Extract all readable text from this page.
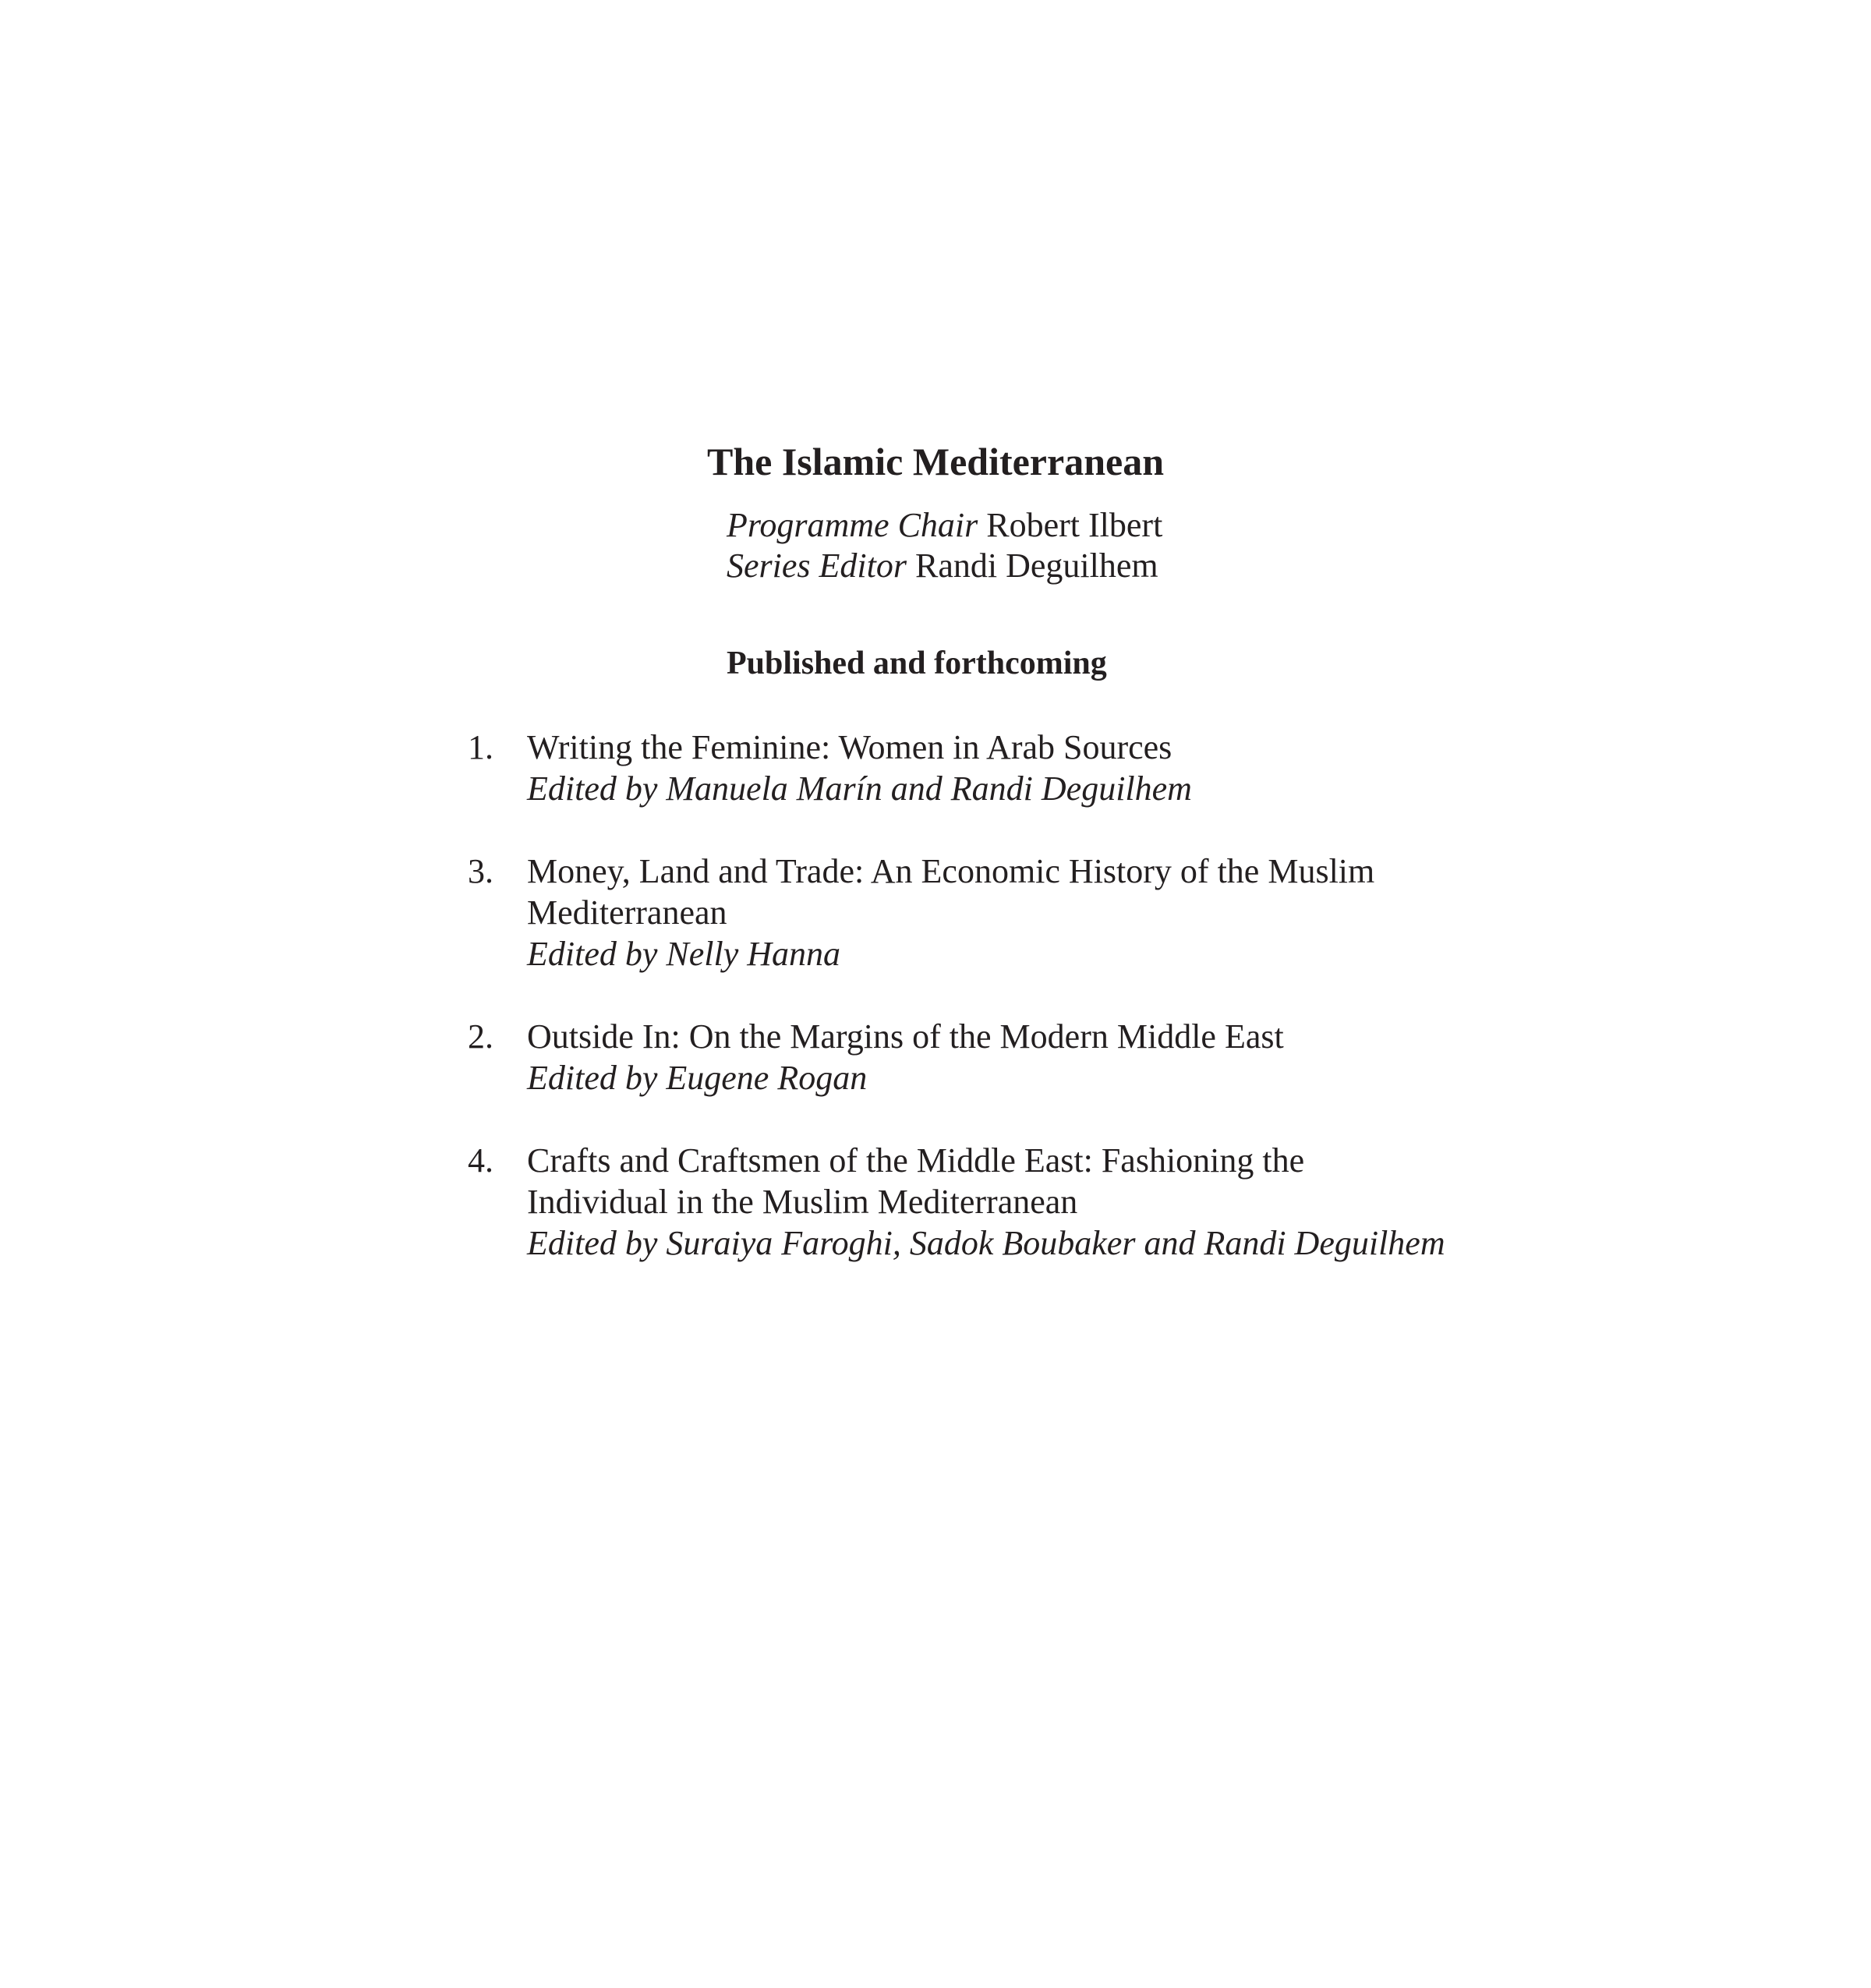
The Islamic Mediterranean
Programme Chair Robert Ilbert
Series Editor Randi Deguilhem
Published and forthcoming
1. Writing the Feminine: Women in Arab Sources
Edited by Manuela Marín and Randi Deguilhem
3. Money, Land and Trade: An Economic History of the Muslim Mediterranean
Edited by Nelly Hanna
2. Outside In: On the Margins of the Modern Middle East
Edited by Eugene Rogan
4. Crafts and Craftsmen of the Middle East: Fashioning the Individual in the Muslim Mediterranean
Edited by Suraiya Faroghi, Sadok Boubaker and Randi Deguilhem
